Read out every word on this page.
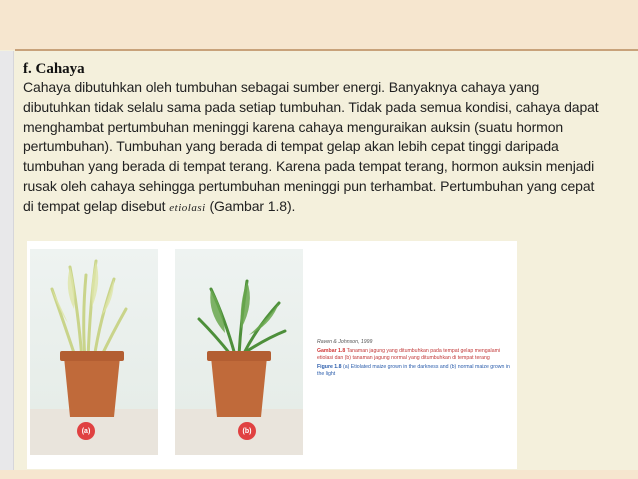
f. Cahaya

Cahaya dibutuhkan oleh tumbuhan sebagai sumber energi. Banyaknya cahaya yang dibutuhkan tidak selalu sama pada setiap tumbuhan. Tidak pada semua kondisi, cahaya dapat menghambat pertumbuhan meninggi karena cahaya menguraikan auksin (suatu hormon pertumbuhan). Tumbuhan yang berada di tempat gelap akan lebih cepat tinggi daripada tumbuhan yang berada di tempat terang. Karena pada tempat terang, hormon auksin menjadi rusak oleh cahaya sehingga pertumbuhan meninggi pun terhambat. Pertumbuhan yang cepat di tempat gelap disebut etiolasi (Gambar 1.8).

(a)	(b)
Raven & Johnson, 1999
Gambar 1.8 Tanaman jagung yang ditumbuhkan pada tempat gelap mengalami etiolasi dan (b) tanaman jagung normal yang ditumbuhkan di tempat terang
Figure 1.8 (a) Etiolated maize grown in the darkness and (b) normal maize grown in the light
